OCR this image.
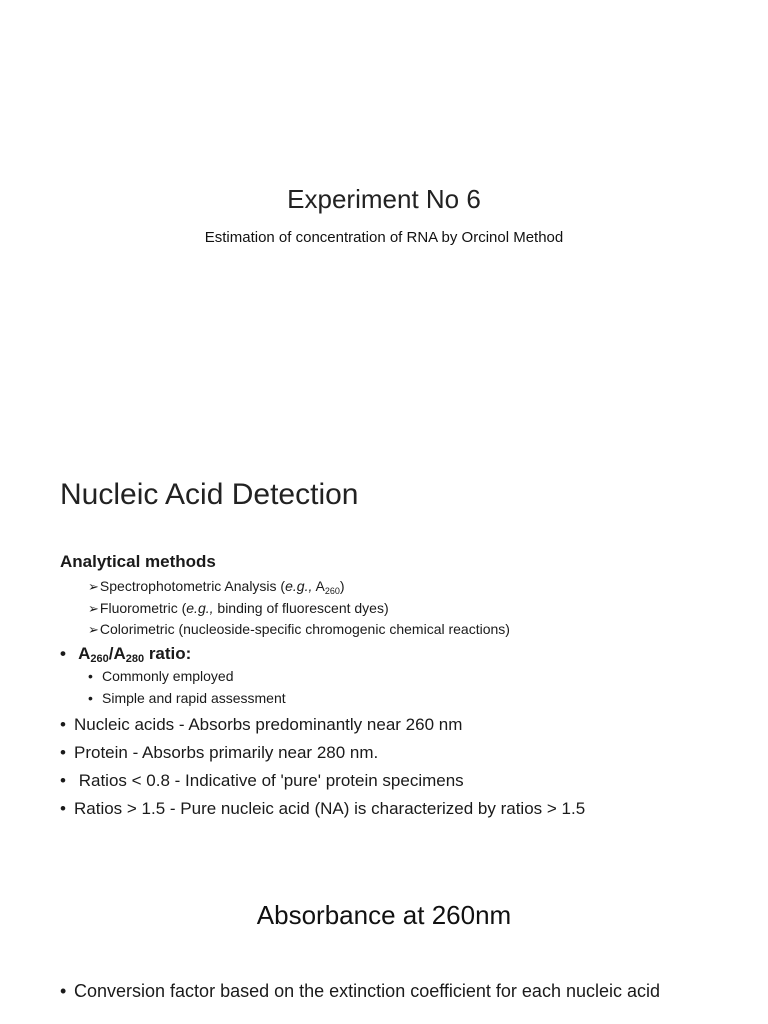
Experiment No 6
Estimation of concentration of RNA by Orcinol Method
Nucleic Acid Detection
Analytical methods
➢Spectrophotometric Analysis (e.g., $A_{260}$)
➢Fluorometric (e.g., binding of fluorescent dyes)
➢Colorimetric (nucleoside-specific chromogenic chemical reactions)
• $A_{260}/A_{280}$ ratio:
• Commonly employed
• Simple and rapid assessment
• Nucleic acids - Absorbs predominantly near 260 nm
• Protein - Absorbs primarily near 280 nm.
• Ratios < 0.8 - Indicative of 'pure' protein specimens
• Ratios > 1.5 - Pure nucleic acid (NA) is characterized by ratios > 1.5
Absorbance at 260nm
• Conversion factor based on the extinction coefficient for each nucleic acid
